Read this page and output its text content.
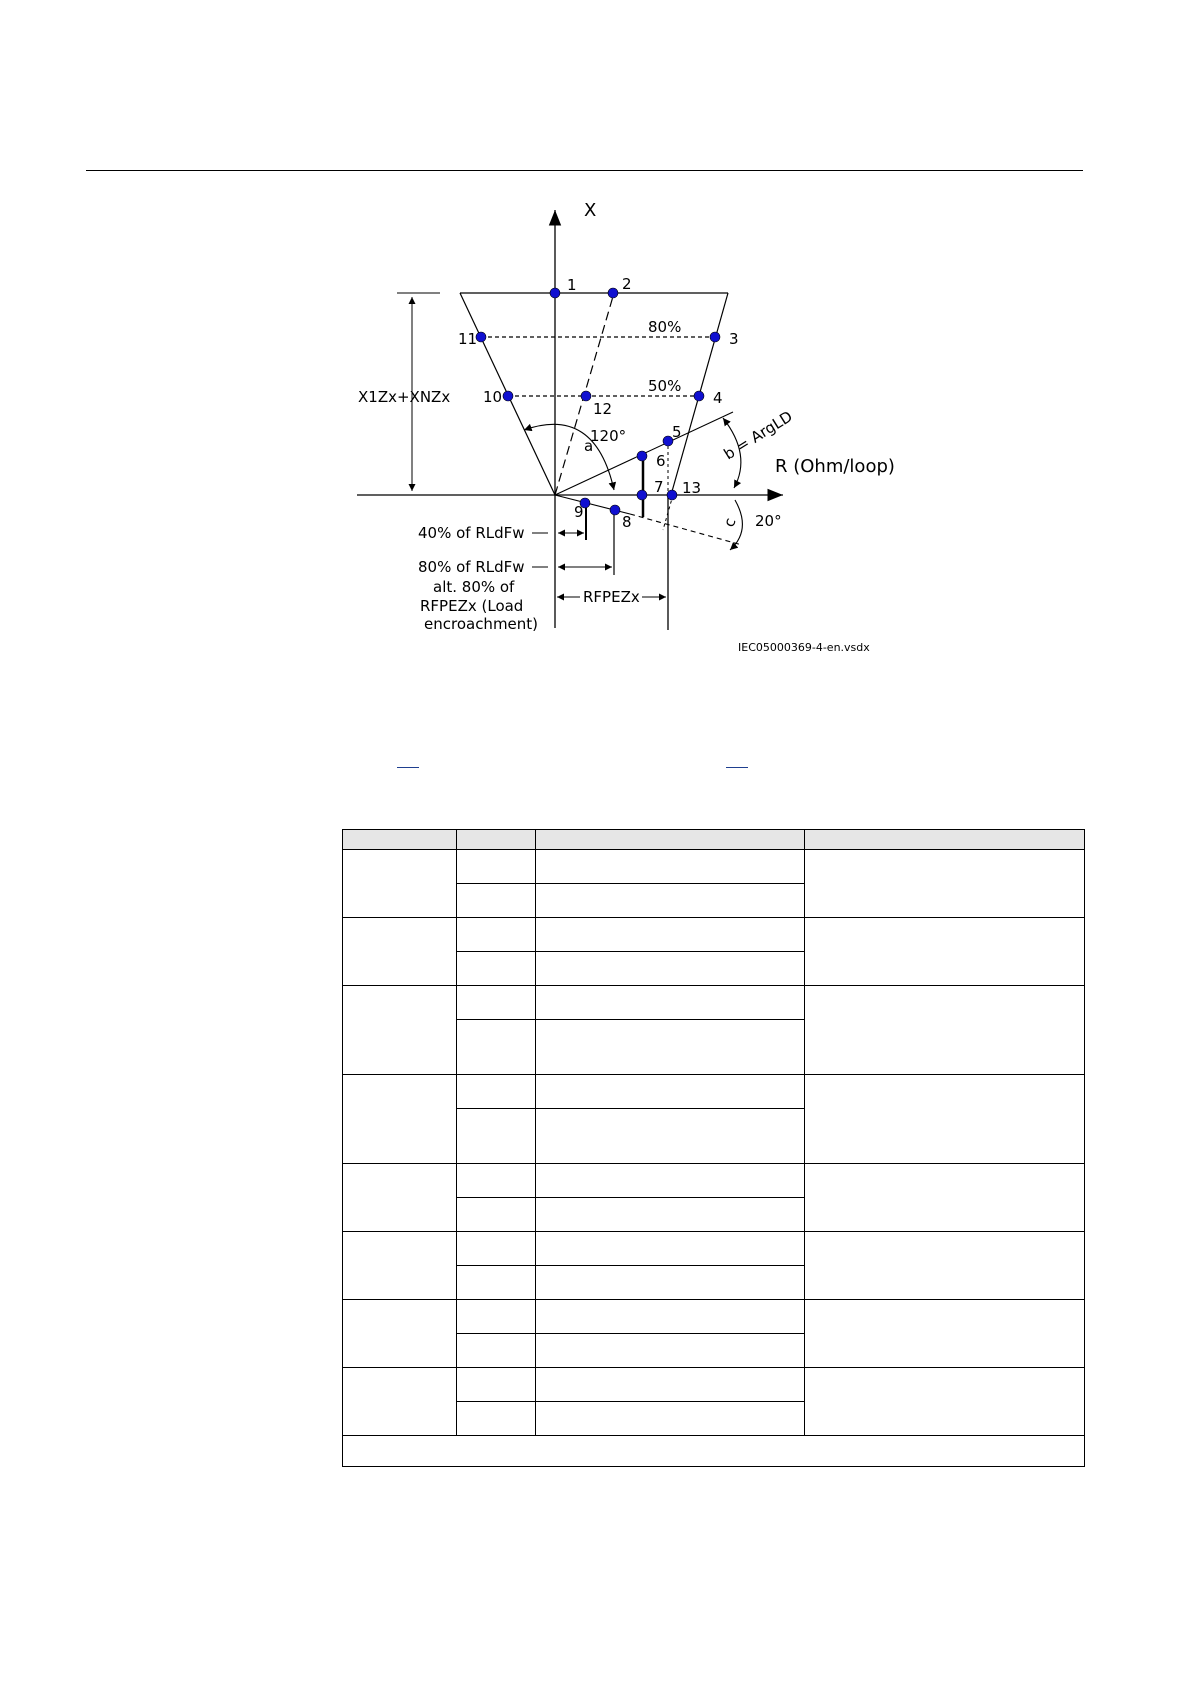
X
R (Ohm/loop)
X1Zx+XNZx
80%
50%
120°
a	b = ArgLD
c 20°
40% of RLdFw
80% of RLdFw
alt. 80% of
RFPEZx (Load
encroachment)
RFPEZx
IEC05000369-4-en.vsdx
1	2
3
4
5
6
7
8
9
10
11
12
13
